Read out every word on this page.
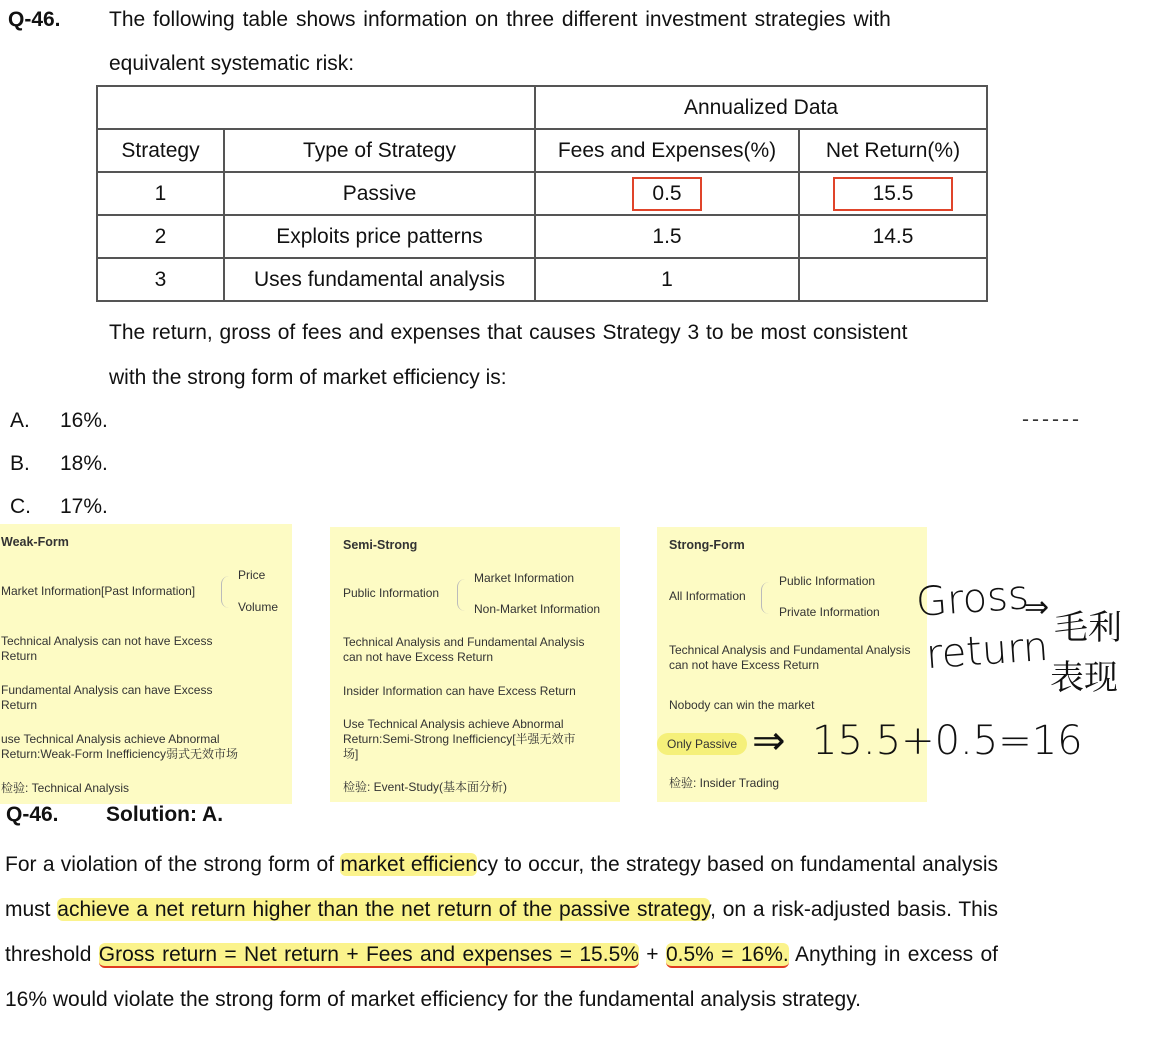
Q-46. The following table shows information on three different investment strategies with
equivalent systematic risk:
		Annualized Data	
Strategy	Type of Strategy	Fees and Expenses(%)	Net Return(%)
1	Passive	0.5	15.5
2	Exploits price patterns	1.5	14.5
3	Uses fundamental analysis	1	
The return, gross of fees and expenses that causes Strategy 3 to be most consistent
with the strong form of market efficiency is:
A. 16%.
B. 18%.
C. 17%.
------
Weak-Form
Market Information[Past Information]
Price
Volume
Technical Analysis can not have Excess
Return
Fundamental Analysis can have Excess
Return
use Technical Analysis achieve Abnormal
Return:Weak-Form Inefficiency弱式无效市场
检验: Technical Analysis
Semi-Strong
Public Information
Market Information
Non-Market Information
Technical Analysis and Fundamental Analysis
can not have Excess Return
Insider Information can have Excess Return
Use Technical Analysis achieve Abnormal
Return:Semi-Strong Inefficiency[半强无效市
场]
检验: Event-Study(基本面分析)
Strong-Form
All Information
Public Information
Private Information
Technical Analysis and Fundamental Analysis
can not have Excess Return
Nobody can win the market
Only Passive
检验: Insider Trading
Gross
return
⇒
毛利
表现
⇒ 15.5+0.5=16
Q-46. Solution: A.

For a violation of the strong form of market efficiency to occur, the strategy based on fundamental analysis must achieve a net return higher than the net return of the passive strategy, on a risk-adjusted basis. This threshold Gross return = Net return + Fees and expenses = 15.5% + 0.5% = 16%. Anything in excess of 16% would violate the strong form of market efficiency for the fundamental analysis strategy.
